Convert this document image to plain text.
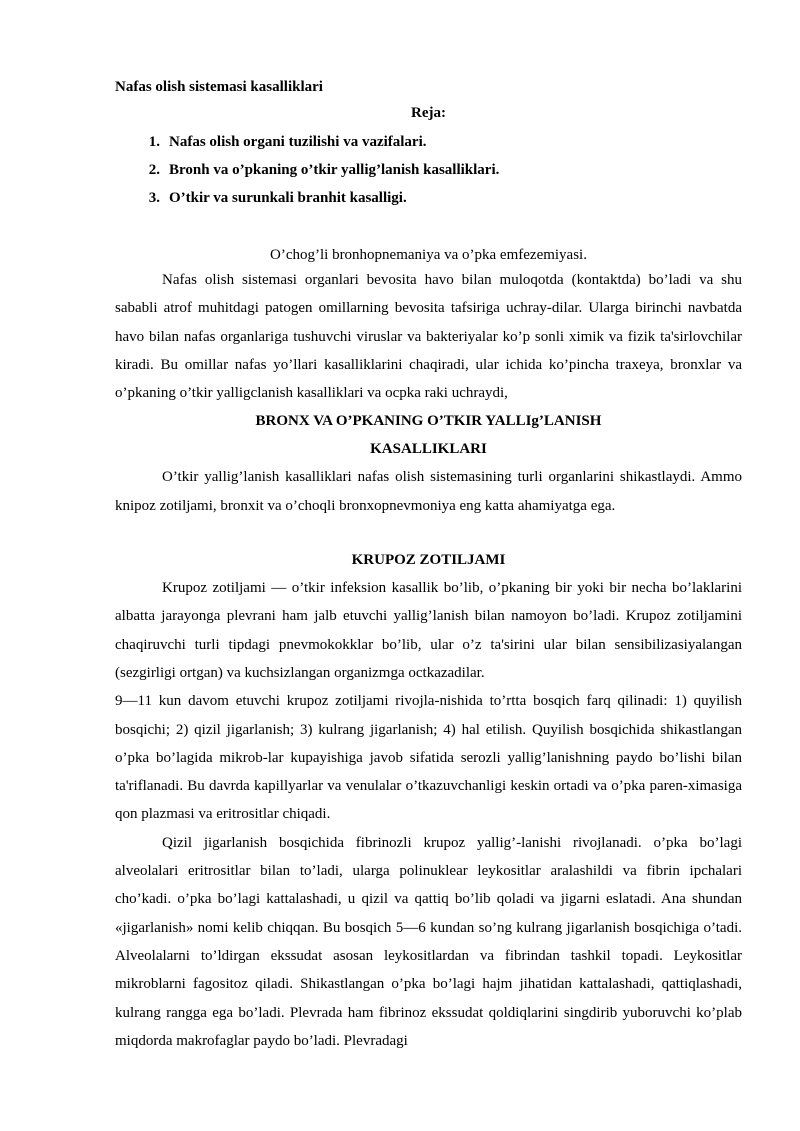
Nafas olish sistemasi kasalliklari

Reja:

1. Nafas olish organi tuzilishi va vazifalari.
2. Bronh va o’pkaning o’tkir yallig’lanish kasalliklari.
3. O’tkir va surunkali branhit kasalligi.

O’chog’li bronhopnemaniya va o’pka emfezemiyasi.

Nafas olish sistemasi organlari bevosita havo bilan muloqotda (kontaktda) bo’ladi va shu sababli atrof muhitdagi patogen omillarning bevosita tafsiriga uchray-dilar. Ularga birinchi navbatda havo bilan nafas organlariga tushuvchi viruslar va bakteriyalar ko’p sonli ximik va fizik ta'sirlovchilar kiradi. Bu omillar nafas yo’llari kasalliklarini chaqiradi, ular ichida ko’pincha traxeya, bronxlar va o’pkaning o’tkir yalligclanish kasalliklari va ocpka raki uchraydi,

BRONX VA O’PKANING O’TKIR YALLIg’LANISH

KASALLIKLARI

O’tkir yallig’lanish kasalliklari nafas olish sistemasining turli organlarini shikastlaydi. Ammo knipoz zotiljami, bronxit va o’choqli bronxopnevmoniya eng katta ahamiyatga ega.

KRUPOZ ZOTILJAMI

Krupoz zotiljami — o’tkir infeksion kasallik bo’lib, o’pkaning bir yoki bir necha bo’laklarini albatta jarayonga plevrani ham jalb etuvchi yallig’lanish bilan namoyon bo’ladi. Krupoz zotiljamini chaqiruvchi turli tipdagi pnevmokokklar bo’lib, ular o’z ta'sirini ular bilan sensibilizasiyalangan (sezgirligi ortgan) va kuchsizlangan organizmga octkazadilar.

9—11 kun davom etuvchi krupoz zotiljami rivojla-nishida to’rtta bosqich farq qilinadi: 1) quyilish bosqichi; 2) qizil jigarlanish; 3) kulrang jigarlanish; 4) hal etilish. Quyilish bosqichida shikastlangan o’pka bo’lagida mikrob-lar kupayishiga javob sifatida serozli yallig’lanishning paydo bo’lishi bilan ta'riflanadi. Bu davrda kapillyarlar va venulalar o’tkazuvchanligi keskin ortadi va o’pka paren-ximasiga qon plazmasi va eritrositlar chiqadi.

Qizil jigarlanish bosqichida fibrinozli krupoz yallig’-lanishi rivojlanadi. o’pka bo’lagi alveolalari eritrositlar bilan to’ladi, ularga polinuklear leykositlar aralashildi va fibrin ipchalari cho’kadi. o’pka bo’lagi kattalashadi, u qizil va qattiq bo’lib qoladi va jigarni eslatadi. Ana shundan «jigarlanish» nomi kelib chiqqan. Bu bosqich 5—6 kundan so’ng kulrang jigarlanish bosqichiga o’tadi. Alveolalarni to’ldirgan ekssudat asosan leykositlardan va fibrindan tashkil topadi. Leykositlar mikroblarni fagositoz qiladi. Shikastlangan o’pka bo’lagi hajm jihatidan kattalashadi, qattiqlashadi, kulrang rangga ega bo’ladi. Plevrada ham fibrinoz ekssudat qoldiqlarini singdirib yuboruvchi ko’plab miqdorda makrofaglar paydo bo’ladi. Plevradagi
